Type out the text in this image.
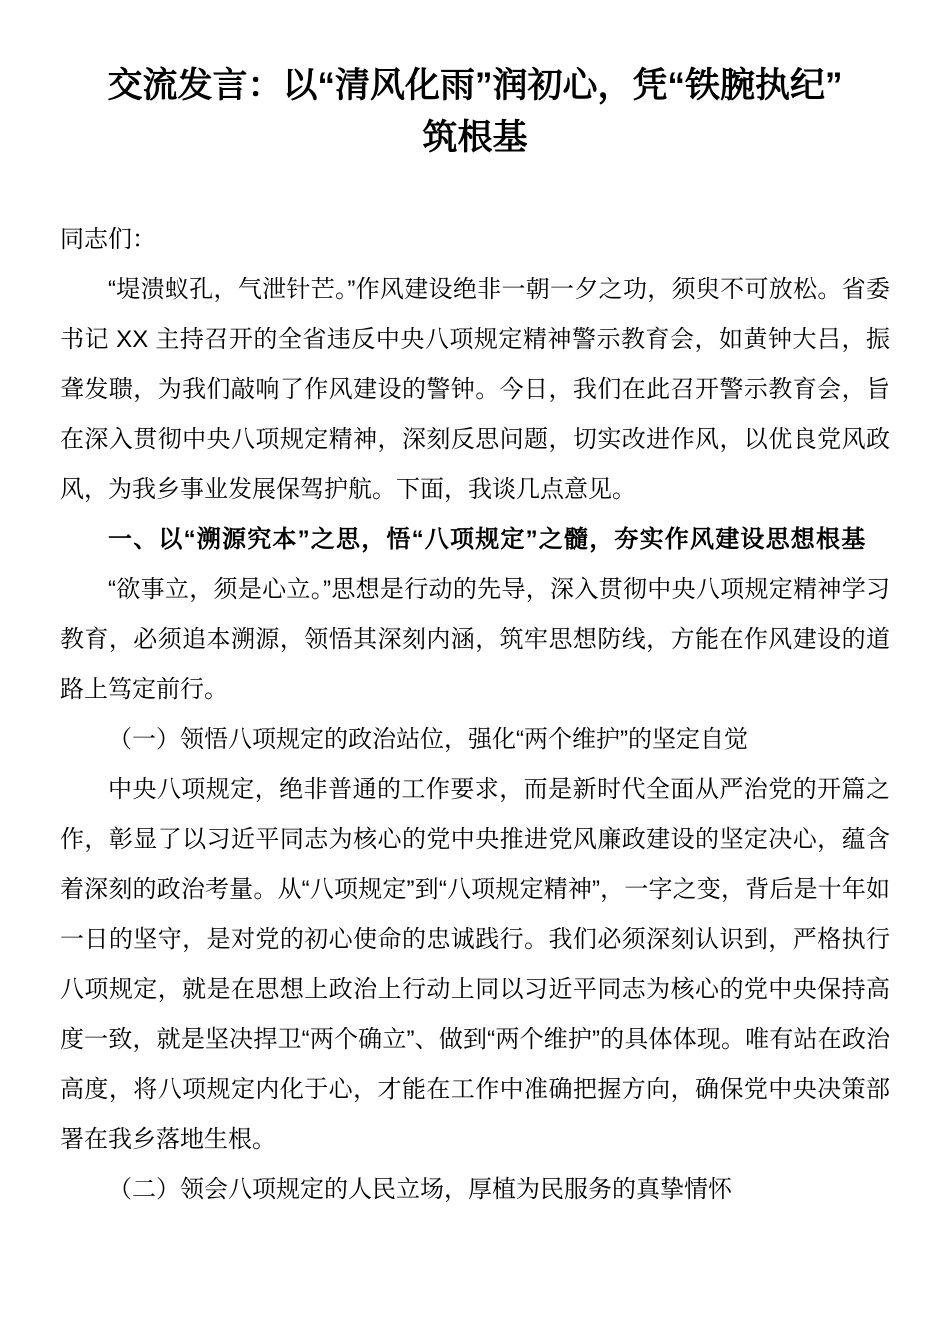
交流发言：以“清风化雨”润初心，凭“铁腕执纪”
筑根基

同志们：

“堤溃蚁孔，气泄针芒。”作风建设绝非一朝一夕之功，须臾不可放松。省委书记 XX 主持召开的全省违反中央八项规定精神警示教育会，如黄钟大吕，振聋发聩，为我们敲响了作风建设的警钟。今日，我们在此召开警示教育会，旨在深入贯彻中央八项规定精神，深刻反思问题，切实改进作风，以优良党风政风，为我乡事业发展保驾护航。下面，我谈几点意见。

一、以“溯源究本”之思，悟“八项规定”之髓，夯实作风建设思想根基

“欲事立，须是心立。”思想是行动的先导，深入贯彻中央八项规定精神学习教育，必须追本溯源，领悟其深刻内涵，筑牢思想防线，方能在作风建设的道路上笃定前行。

（一）领悟八项规定的政治站位，强化“两个维护”的坚定自觉

中央八项规定，绝非普通的工作要求，而是新时代全面从严治党的开篇之作，彰显了以习近平同志为核心的党中央推进党风廉政建设的坚定决心，蕴含着深刻的政治考量。从“八项规定”到“八项规定精神”，一字之变，背后是十年如一日的坚守，是对党的初心使命的忠诚践行。我们必须深刻认识到，严格执行八项规定，就是在思想上政治上行动上同以习近平同志为核心的党中央保持高度一致，就是坚决捍卫“两个确立”、做到“两个维护”的具体体现。唯有站在政治高度，将八项规定内化于心，才能在工作中准确把握方向，确保党中央决策部署在我乡落地生根。

（二）领会八项规定的人民立场，厚植为民服务的真挚情怀
